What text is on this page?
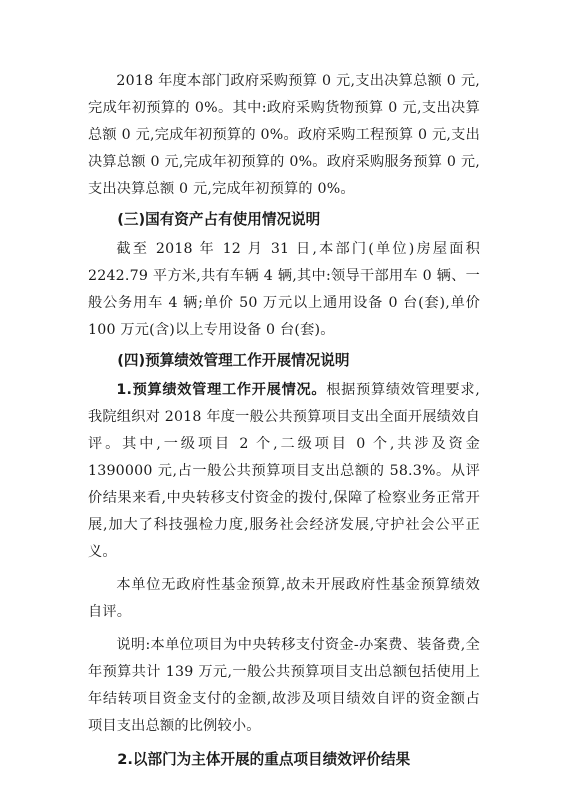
2018 年度本部门政府采购预算 0 元,支出决算总额 0 元,完成年初预算的 0%。其中:政府采购货物预算 0 元,支出决算总额 0 元,完成年初预算的 0%。政府采购工程预算 0 元,支出决算总额 0 元,完成年初预算的 0%。政府采购服务预算 0 元,支出决算总额 0 元,完成年初预算的 0%。

(三)国有资产占有使用情况说明

截至 2018 年 12 月 31 日,本部门(单位)房屋面积 2242.79 平方米,共有车辆 4 辆,其中:领导干部用车 0 辆、一般公务用车 4 辆;单价 50 万元以上通用设备 0 台(套),单价 100 万元(含)以上专用设备 0 台(套)。

(四)预算绩效管理工作开展情况说明

1.预算绩效管理工作开展情况。根据预算绩效管理要求,我院组织对 2018 年度一般公共预算项目支出全面开展绩效自评。其中,一级项目 2 个,二级项目 0 个,共涉及资金 1390000 元,占一般公共预算项目支出总额的 58.3%。从评价结果来看,中央转移支付资金的拨付,保障了检察业务正常开展,加大了科技强检力度,服务社会经济发展,守护社会公平正义。

本单位无政府性基金预算,故未开展政府性基金预算绩效自评。

说明:本单位项目为中央转移支付资金-办案费、装备费,全年预算共计 139 万元,一般公共预算项目支出总额包括使用上年结转项目资金支付的金额,故涉及项目绩效自评的资金额占项目支出总额的比例较小。

2.以部门为主体开展的重点项目绩效评价结果
